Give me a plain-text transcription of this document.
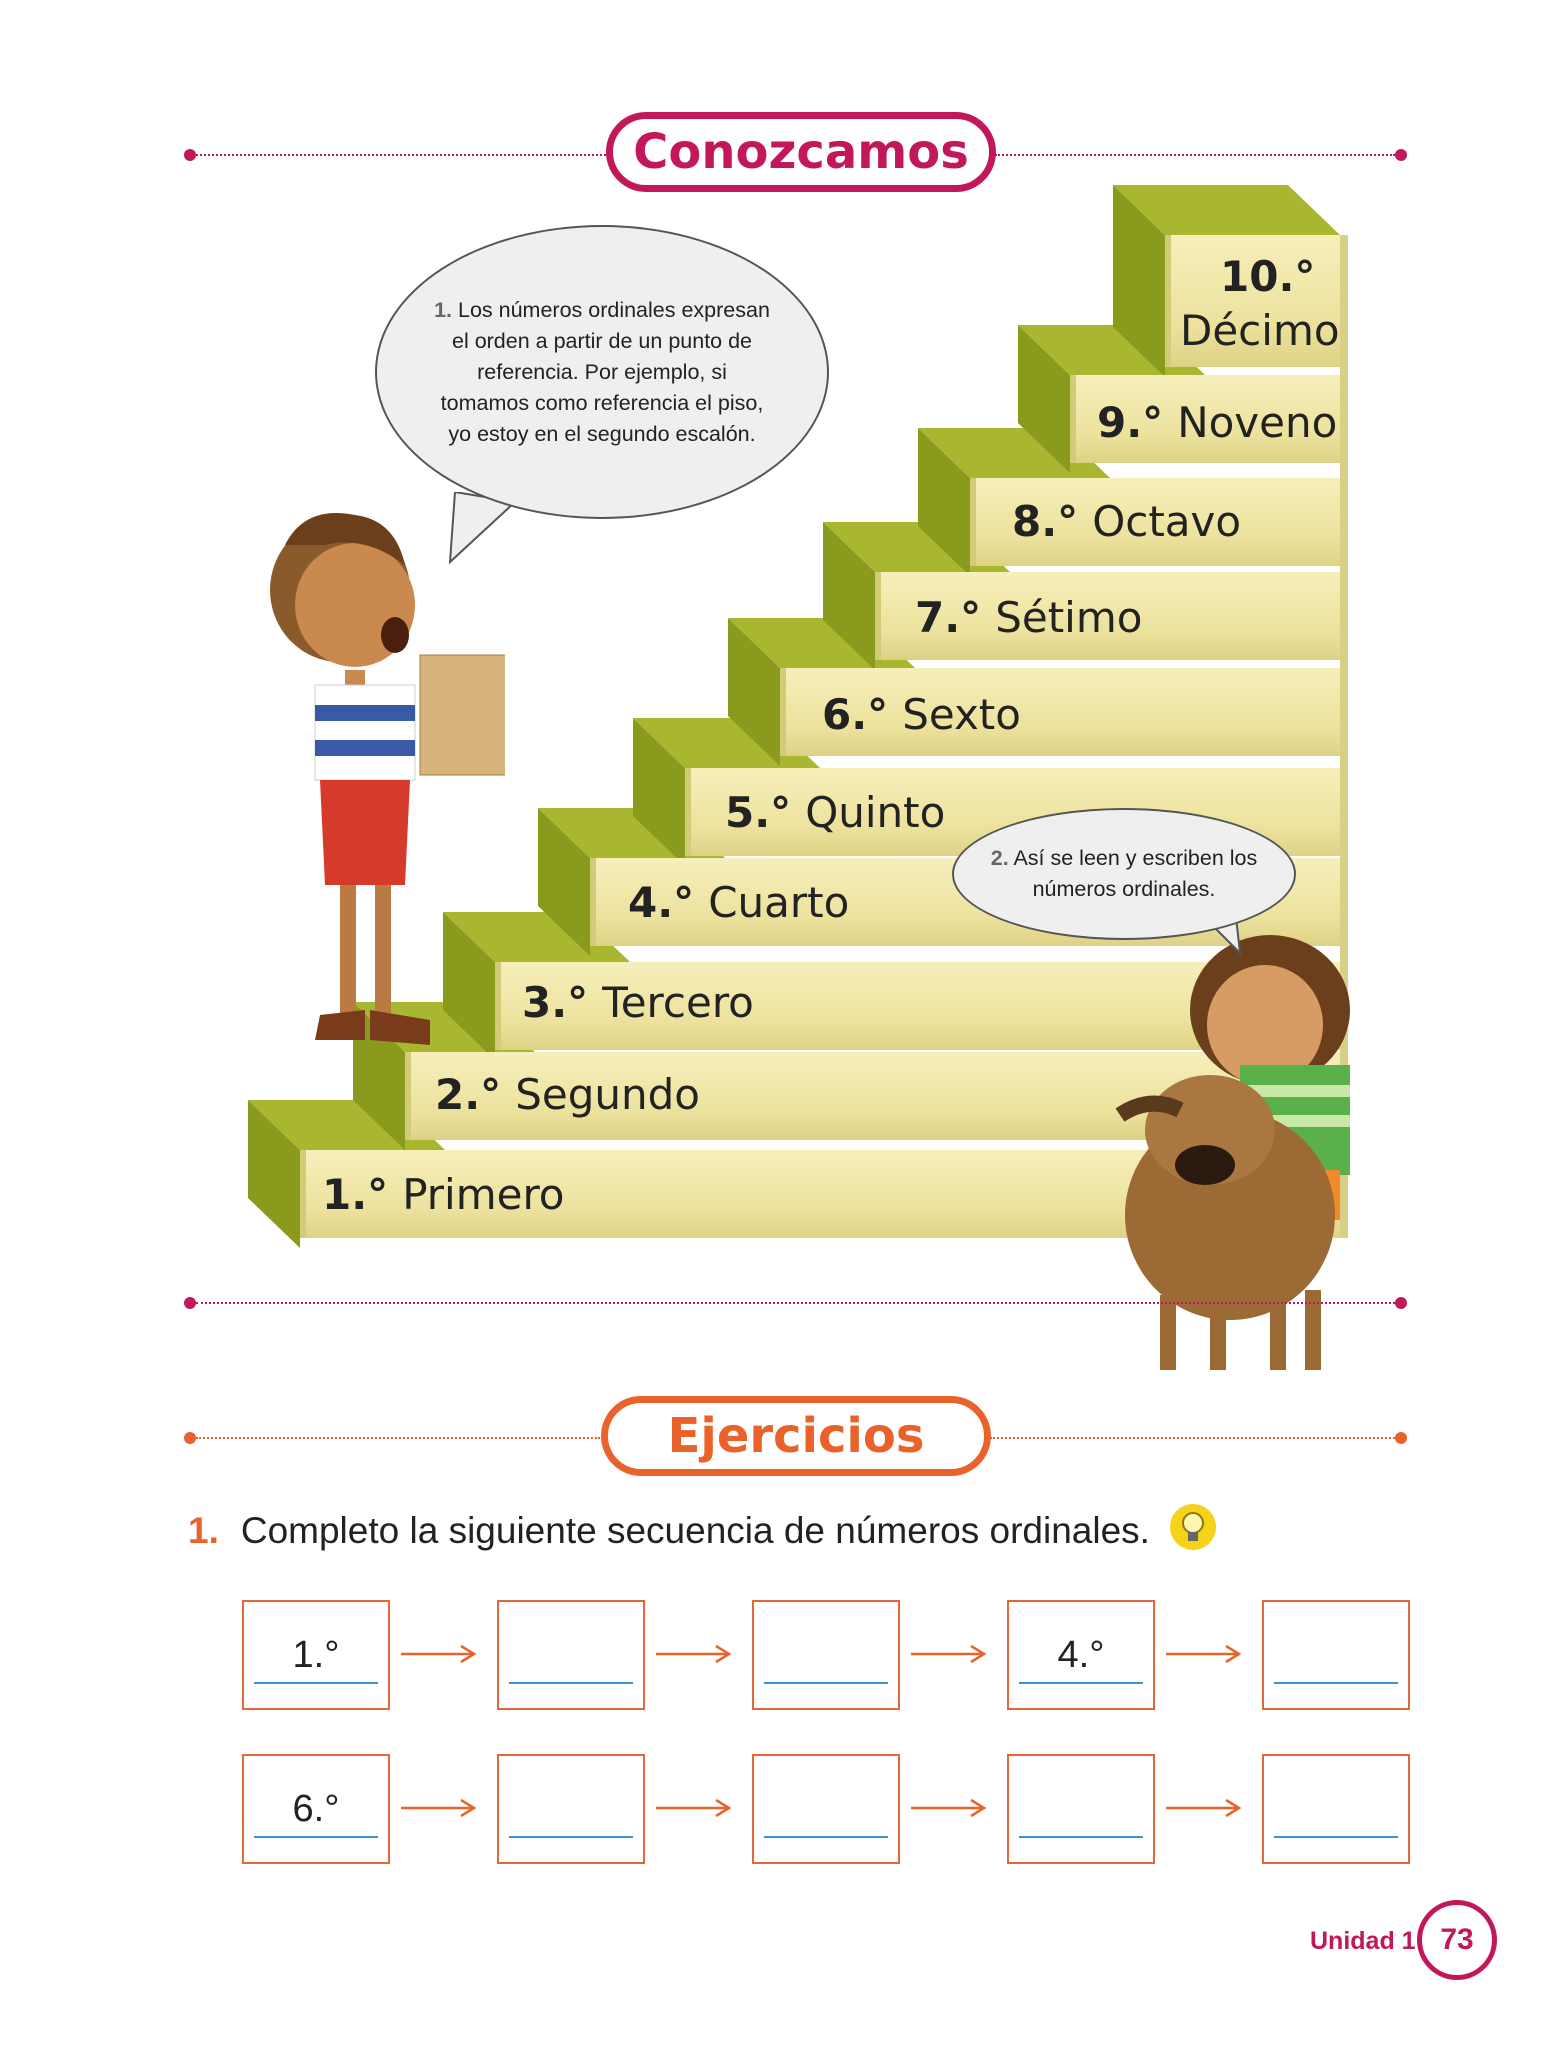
Conozcamos
1.° Primero
2.° Segundo
3.° Tercero
4.° Cuarto
5.° Quinto
6.° Sexto
7.° Sétimo
8.° Octavo
9.° Noveno
10.°
Décimo
1. Los números ordinales expresan el orden a partir de un punto de referencia. Por ejemplo, si tomamos como referencia el piso, yo estoy en el segundo escalón.
2. Así se leen y escriben los números ordinales.
Ejercicios
1. Completo la siguiente secuencia de números ordinales.
1.°	4.°
6.°
Unidad 1 73
